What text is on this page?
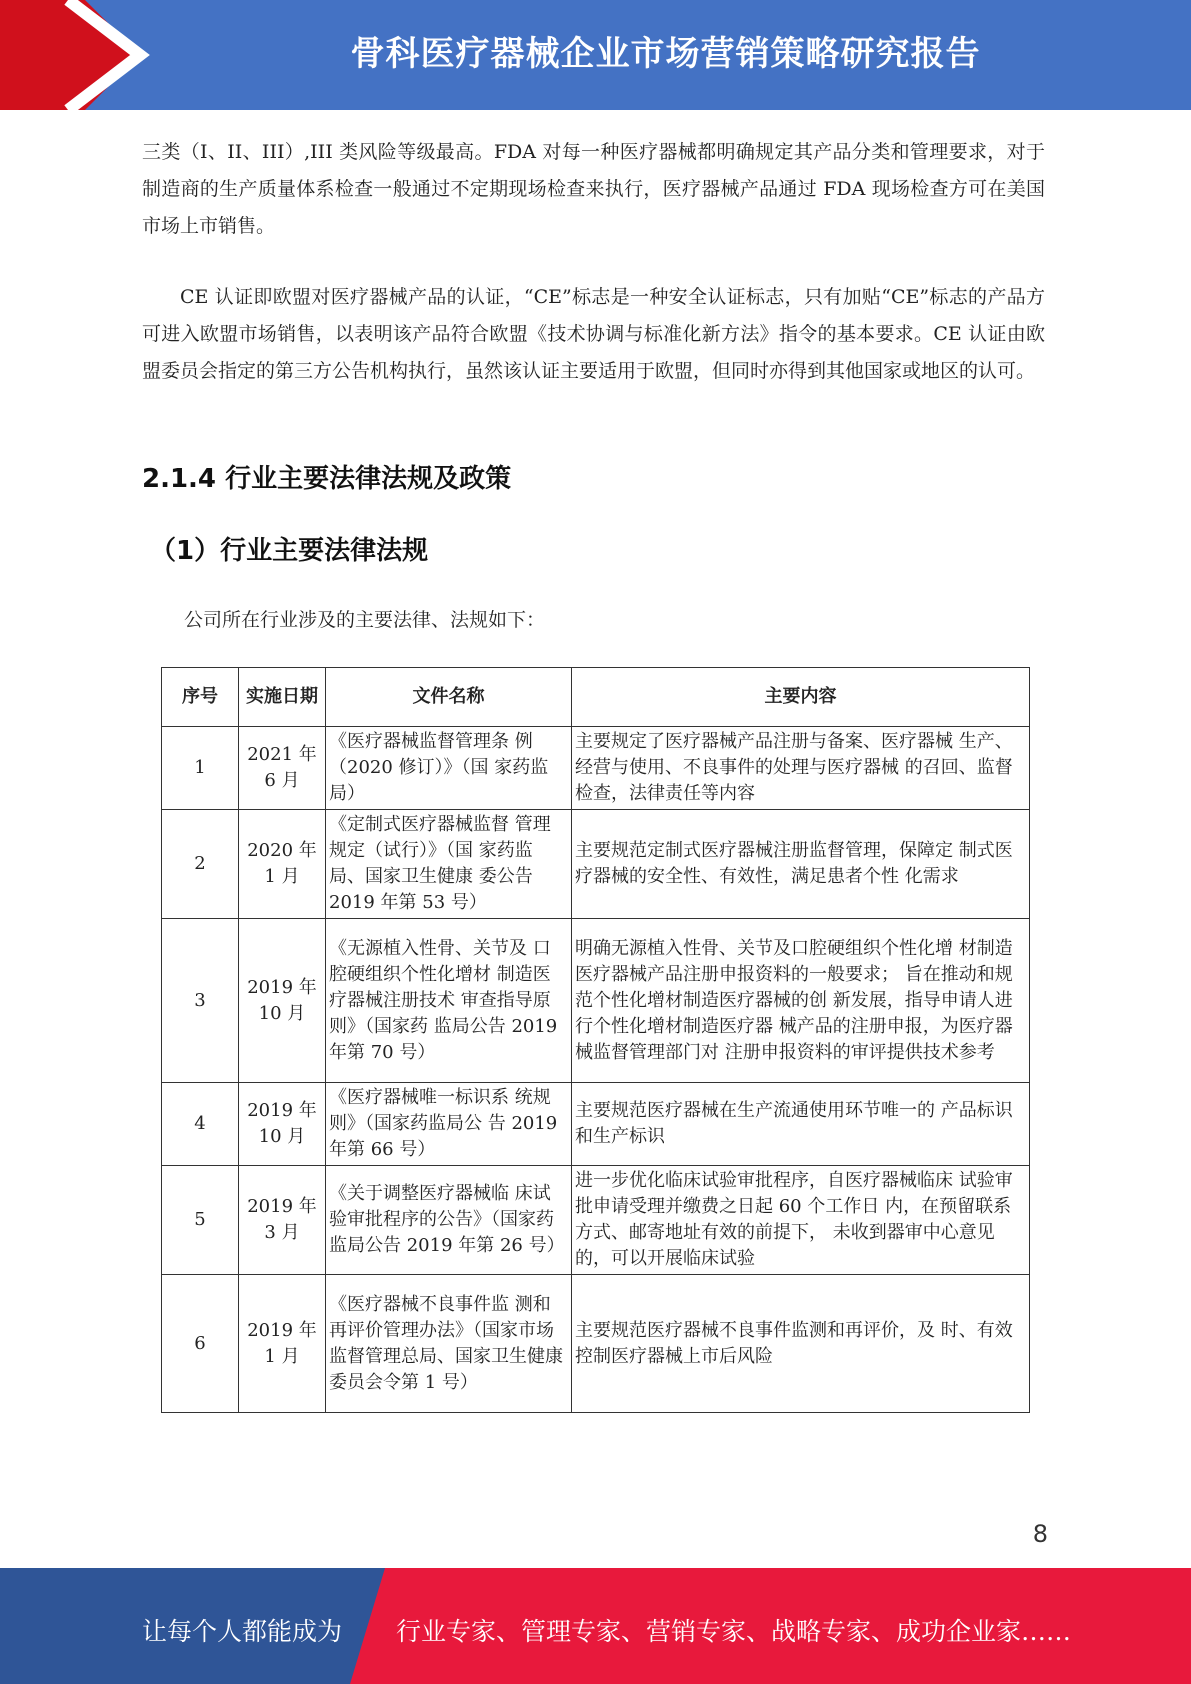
骨科医疗器械企业市场营销策略研究报告

三类（I、II、III）,III 类风险等级最高。FDA 对每一种医疗器械都明确规定其产品分类和管理要求，对于制造商的生产质量体系检查一般通过不定期现场检查来执行，医疗器械产品通过 FDA 现场检查方可在美国市场上市销售。

CE 认证即欧盟对医疗器械产品的认证，“CE”标志是一种安全认证标志，只有加贴“CE”标志的产品方可进入欧盟市场销售，以表明该产品符合欧盟《技术协调与标准化新方法》指令的基本要求。CE 认证由欧盟委员会指定的第三方公告机构执行，虽然该认证主要适用于欧盟，但同时亦得到其他国家或地区的认可。

2.1.4 行业主要法律法规及政策
（1）行业主要法律法规

公司所在行业涉及的主要法律、法规如下：

序号	实施日期	文件名称	主要内容
1	2021 年 6 月	《医疗器械监督管理条 例（2020 修订）》（国 家药监局）	主要规定了医疗器械产品注册与备案、医疗器械 生产、经营与使用、不良事件的处理与医疗器械 的召回、监督检查，法律责任等内容
2	2020 年 1 月	《定制式医疗器械监督 管理规定（试行）》（国 家药监局、国家卫生健康 委公告 2019 年第 53 号）	主要规范定制式医疗器械注册监督管理，保障定 制式医疗器械的安全性、有效性，满足患者个性 化需求
3	2019 年 10 月	《无源植入性骨、关节及 口腔硬组织个性化增材 制造医疗器械注册技术 审查指导原则》（国家药 监局公告 2019 年第 70 号）	明确无源植入性骨、关节及口腔硬组织个性化增 材制造医疗器械产品注册申报资料的一般要求； 旨在推动和规范个性化增材制造医疗器械的创 新发展，指导申请人进行个性化增材制造医疗器 械产品的注册申报，为医疗器械监督管理部门对 注册申报资料的审评提供技术参考
4	2019 年 10 月	《医疗器械唯一标识系 统规则》（国家药监局公 告 2019 年第 66 号）	主要规范医疗器械在生产流通使用环节唯一的 产品标识和生产标识
5	2019 年 3 月	《关于调整医疗器械临 床试验审批程序的公告》（国家药监局公告 2019 年第 26 号）	进一步优化临床试验审批程序，自医疗器械临床 试验审批申请受理并缴费之日起 60 个工作日 内，在预留联系方式、邮寄地址有效的前提下， 未收到器审中心意见的，可以开展临床试验
6	2019 年 1 月	《医疗器械不良事件监 测和再评价管理办法》（国家市场监督管理总局、国家卫生健康委员会令第 1 号）	主要规范医疗器械不良事件监测和再评价，及 时、有效控制医疗器械上市后风险
8
让每个人都能成为 行业专家、管理专家、营销专家、战略专家、成功企业家……
